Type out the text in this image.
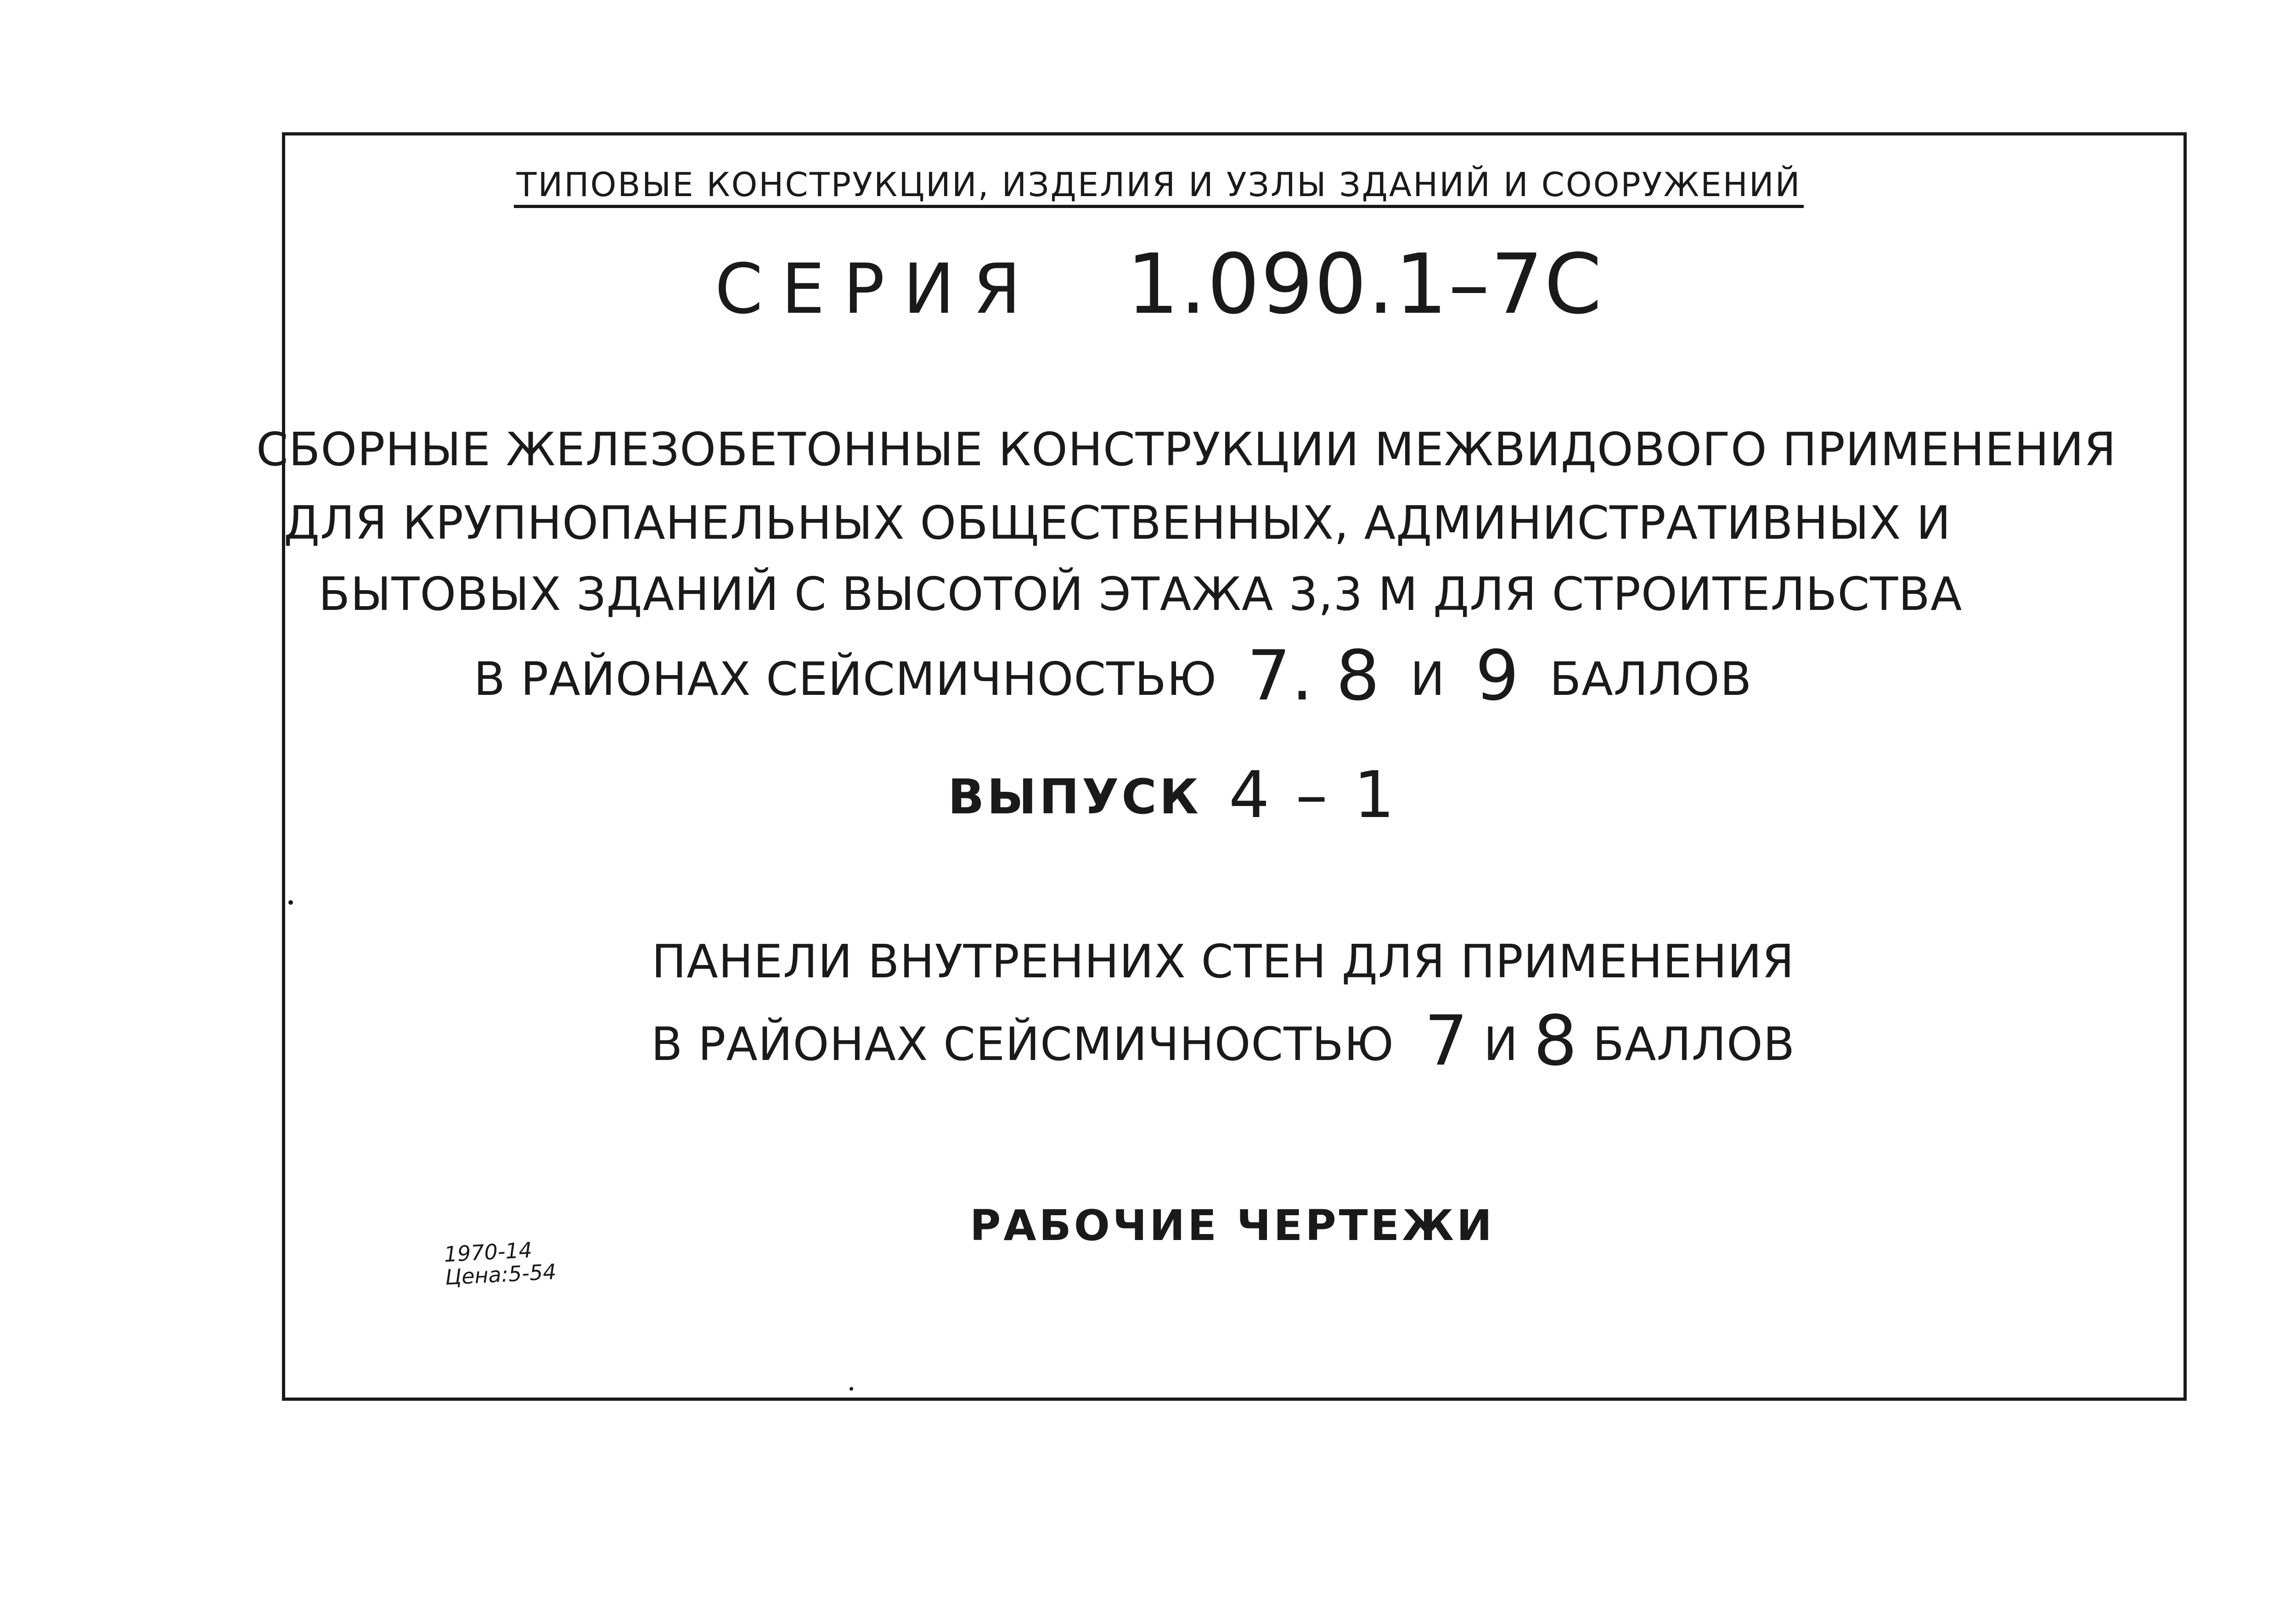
ТИПОВЫЕ КОНСТРУКЦИИ, ИЗДЕЛИЯ И УЗЛЫ ЗДАНИЙ И СООРУЖЕНИЙ
СЕРИЯ 1.090.1–7С
СБОРНЫЕ ЖЕЛЕЗОБЕТОННЫЕ КОНСТРУКЦИИ МЕЖВИДОВОГО ПРИМЕНЕНИЯ
ДЛЯ КРУПНОПАНЕЛЬНЫХ ОБЩЕСТВЕННЫХ, АДМИНИСТРАТИВНЫХ И
БЫТОВЫХ ЗДАНИЙ С ВЫСОТОЙ ЭТАЖА 3,3 М ДЛЯ СТРОИТЕЛЬСТВА
В РАЙОНАХ СЕЙСМИЧНОСТЬЮ 7. 8 И 9 БАЛЛОВ
ВЫПУСК 4 – 1
ПАНЕЛИ ВНУТРЕННИХ СТЕН ДЛЯ ПРИМЕНЕНИЯ
В РАЙОНАХ СЕЙСМИЧНОСТЬЮ 7 И 8 БАЛЛОВ
РАБОЧИЕ ЧЕРТЕЖИ
1970-14
Цена:5-54
